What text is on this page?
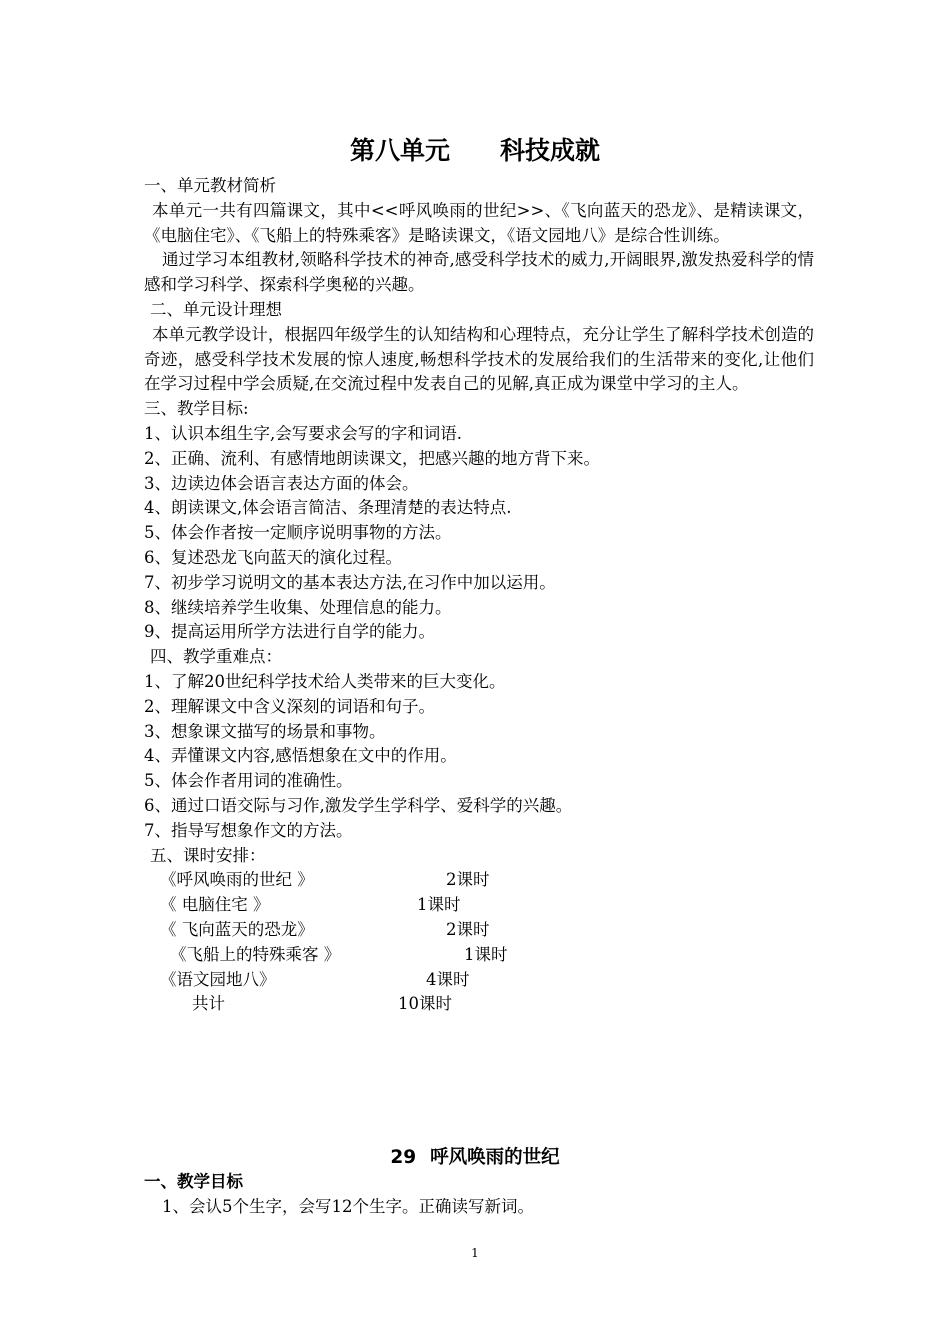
第八单元 科技成就
一、单元教材简析
本单元一共有四篇课文，其中<<呼风唤雨的世纪>>、《飞向蓝天的恐龙》、是精读课文，《电脑住宅》、《飞船上的特殊乘客》是略读课文，《语文园地八》是综合性训练。
通过学习本组教材,领略科学技术的神奇,感受科学技术的威力,开阔眼界,激发热爱科学的情感和学习科学、探索科学奥秘的兴趣。
二、单元设计理想
本单元教学设计，根据四年级学生的认知结构和心理特点，充分让学生了解科学技术创造的奇迹，感受科学技术发展的惊人速度,畅想科学技术的发展给我们的生活带来的变化,让他们在学习过程中学会质疑,在交流过程中发表自己的见解,真正成为课堂中学习的主人。
三、教学目标:
1、认识本组生字,会写要求会写的字和词语.
2、正确、流利、有感情地朗读课文，把感兴趣的地方背下来。
3、边读边体会语言表达方面的体会。
4、朗读课文,体会语言简洁、条理清楚的表达特点.
5、体会作者按一定顺序说明事物的方法。
6、复述恐龙飞向蓝天的演化过程。
7、初步学习说明文的基本表达方法,在习作中加以运用。
8、继续培养学生收集、处理信息的能力。
9、提高运用所学方法进行自学的能力。
四、教学重难点：
1、了解20世纪科学技术给人类带来的巨大变化。
2、理解课文中含义深刻的词语和句子。
3、想象课文描写的场景和事物。
4、弄懂课文内容,感悟想象在文中的作用。
5、体会作者用词的准确性。
6、通过口语交际与习作,激发学生学科学、爱科学的兴趣。
7、指导写想象作文的方法。
五、课时安排：
《呼风唤雨的世纪 》	2课时
《 电脑住宅 》	1课时
《 飞向蓝天的恐龙》	2课时
《飞船上的特殊乘客 》	1课时
《语文园地八》	4课时
共计	10课时
29 呼风唤雨的世纪
一、教学目标
1、会认5个生字，会写12个生字。正确读写新词。
1
